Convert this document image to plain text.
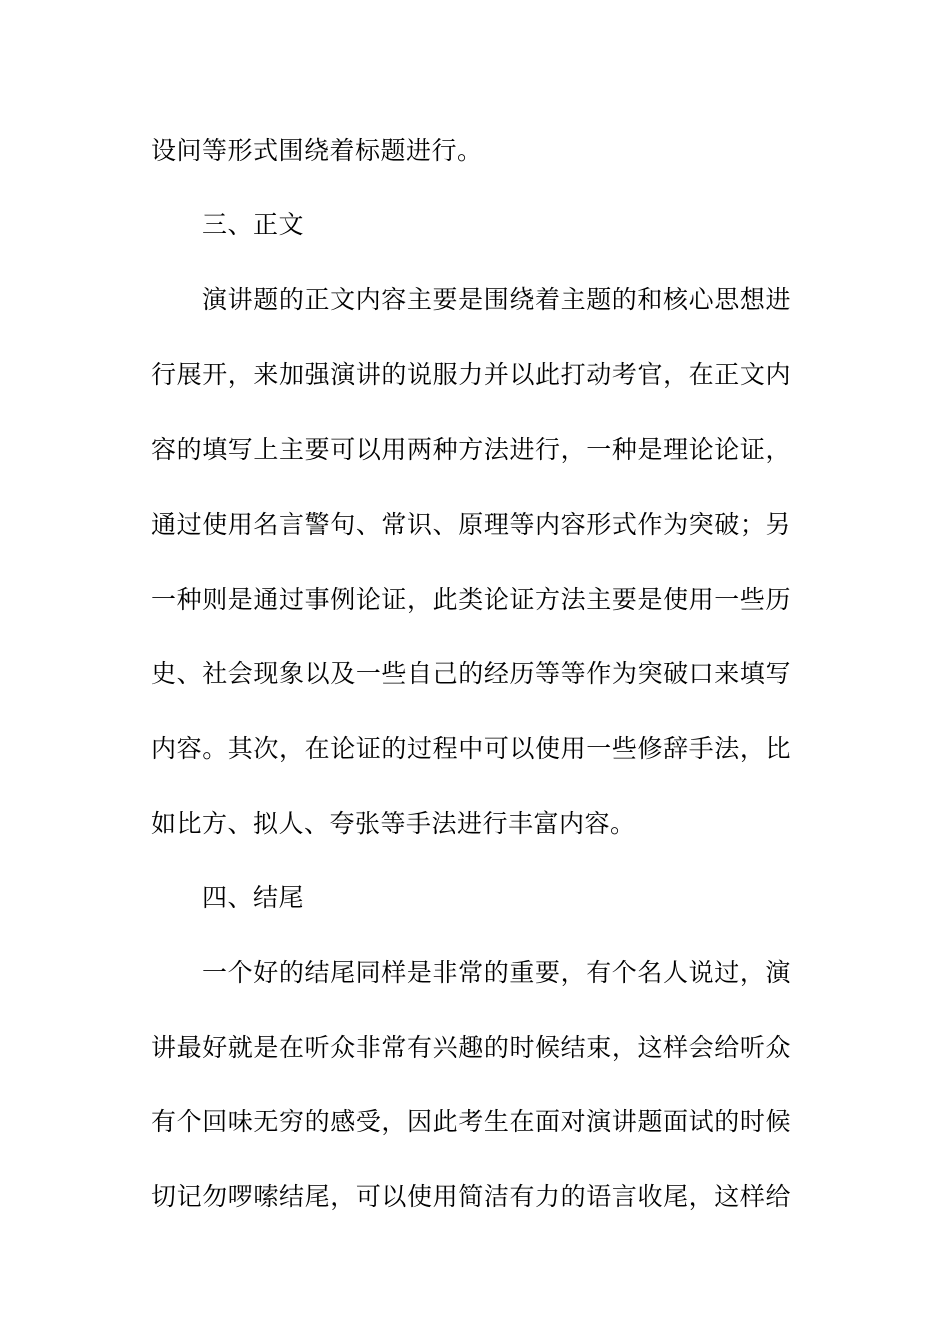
设问等形式围绕着标题进行。
三、正文
演讲题的正文内容主要是围绕着主题的和核心思想进
行展开，来加强演讲的说服力并以此打动考官，在正文内
容的填写上主要可以用两种方法进行，一种是理论论证，
通过使用名言警句、常识、原理等内容形式作为突破；另
一种则是通过事例论证，此类论证方法主要是使用一些历
史、社会现象以及一些自己的经历等等作为突破口来填写
内容。其次，在论证的过程中可以使用一些修辞手法，比
如比方、拟人、夸张等手法进行丰富内容。
四、结尾
一个好的结尾同样是非常的重要，有个名人说过，演
讲最好就是在听众非常有兴趣的时候结束，这样会给听众
有个回味无穷的感受，因此考生在面对演讲题面试的时候
切记勿啰嗦结尾，可以使用简洁有力的语言收尾，这样给
